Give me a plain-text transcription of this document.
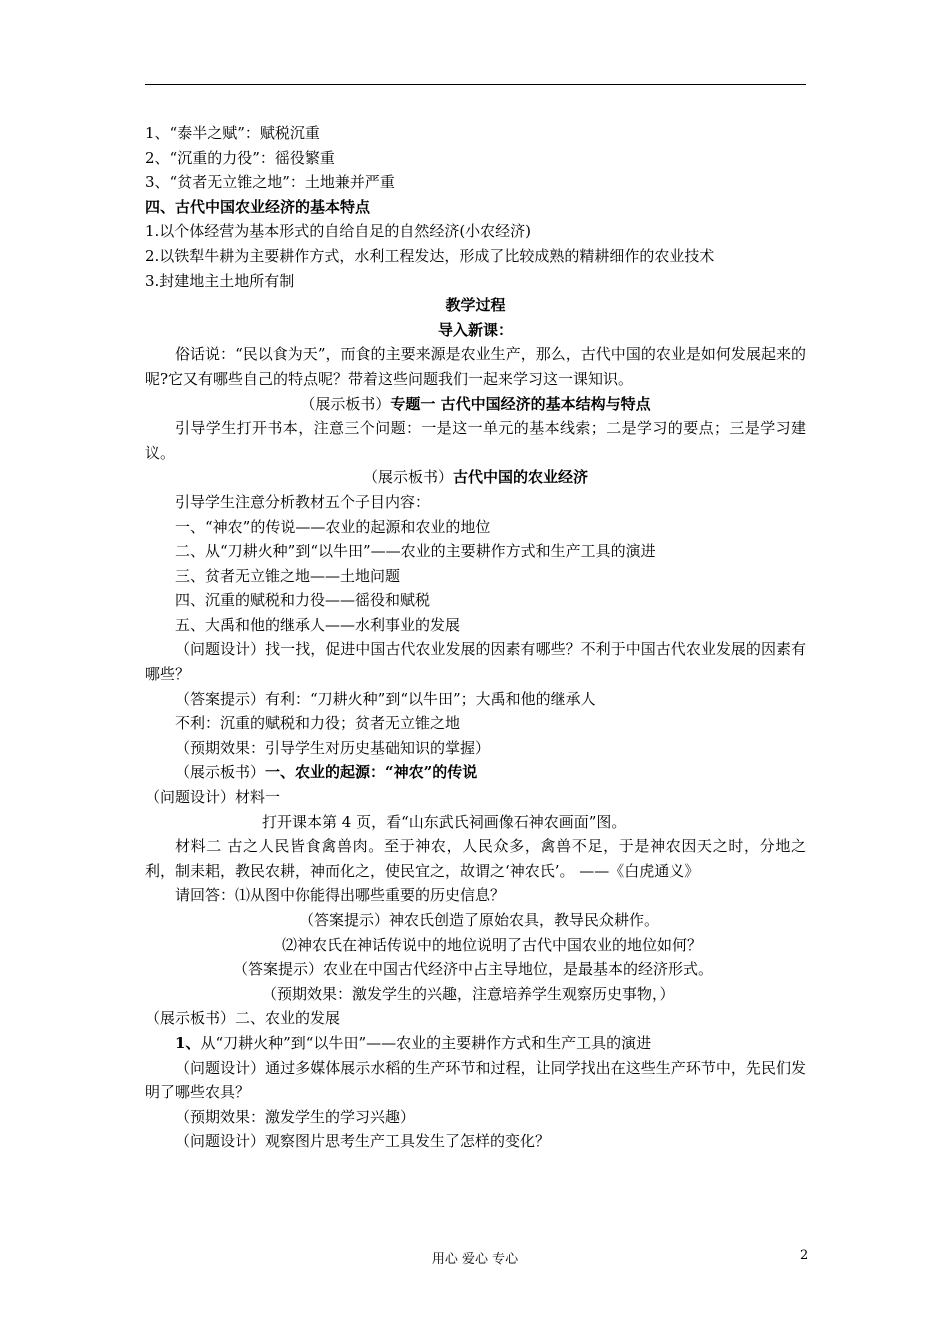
1、“泰半之赋”：赋税沉重

2、“沉重的力役”：徭役繁重

3、“贫者无立锥之地”：土地兼并严重

四、古代中国农业经济的基本特点

1.以个体经营为基本形式的自给自足的自然经济(小农经济)

2.以铁犁牛耕为主要耕作方式，水利工程发达，形成了比较成熟的精耕细作的农业技术

3.封建地主土地所有制

教学过程

导入新课：

俗话说：“民以食为天”，而食的主要来源是农业生产，那么，古代中国的农业是如何发展起来的呢?它又有哪些自己的特点呢？带着这些问题我们一起来学习这一课知识。

（展示板书）专题一 古代中国经济的基本结构与特点

引导学生打开书本，注意三个问题：一是这一单元的基本线索；二是学习的要点；三是学习建议。

（展示板书）古代中国的农业经济

引导学生注意分析教材五个子目内容：

一、“神农”的传说——农业的起源和农业的地位

二、从“刀耕火种”到“以牛田”——农业的主要耕作方式和生产工具的演进

三、贫者无立锥之地——土地问题

四、沉重的赋税和力役——徭役和赋税

五、大禹和他的继承人——水利事业的发展

（问题设计）找一找，促进中国古代农业发展的因素有哪些？不利于中国古代农业发展的因素有哪些？

（答案提示）有利：“刀耕火种”到“以牛田”；大禹和他的继承人

不利：沉重的赋税和力役；贫者无立锥之地

（预期效果：引导学生对历史基础知识的掌握）

（展示板书）一、农业的起源：“神农”的传说

（问题设计）材料一

打开课本第 4 页，看“山东武氏祠画像石神农画面”图。

材料二 古之人民皆食禽兽肉。至于神农，人民众多，禽兽不足，于是神农因天之时，分地之利，制耒耜，教民农耕，神而化之，使民宜之，故谓之‘神农氏’。 ——《白虎通义》

请回答：⑴从图中你能得出哪些重要的历史信息？

（答案提示）神农氏创造了原始农具，教导民众耕作。

⑵神农氏在神话传说中的地位说明了古代中国农业的地位如何？

（答案提示）农业在中国古代经济中占主导地位，是最基本的经济形式。

（预期效果：激发学生的兴趣，注意培养学生观察历史事物，）

（展示板书）二、农业的发展

1、从“刀耕火种”到“以牛田”——农业的主要耕作方式和生产工具的演进

（问题设计）通过多媒体展示水稻的生产环节和过程，让同学找出在这些生产环节中，先民们发明了哪些农具？

（预期效果：激发学生的学习兴趣）

（问题设计）观察图片思考生产工具发生了怎样的变化？

用心 爱心 专心	2
